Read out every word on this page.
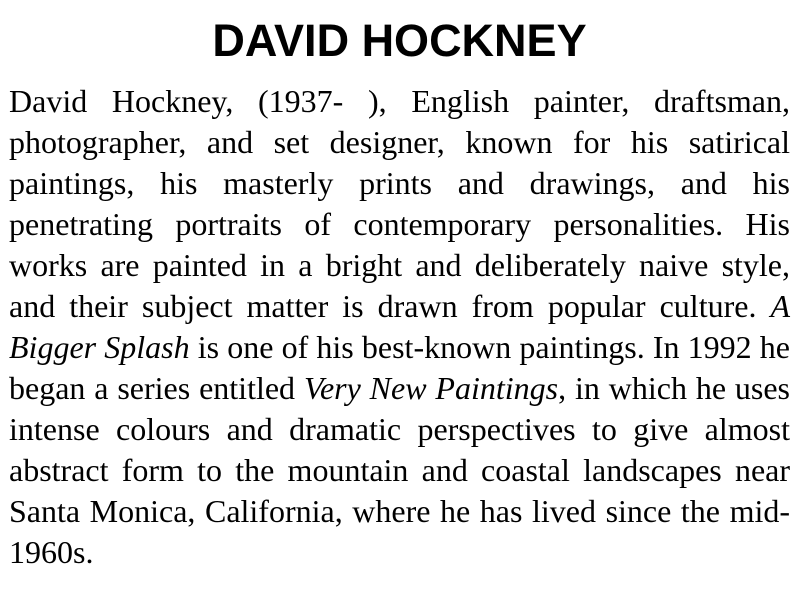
DAVID HOCKNEY

David Hockney, (1937- ), English painter, draftsman, photographer, and set designer, known for his satirical paintings, his masterly prints and drawings, and his penetrating portraits of contemporary personalities. His works are painted in a bright and deliberately naive style, and their subject matter is drawn from popular culture. A Bigger Splash is one of his best-known paintings. In 1992 he began a series entitled Very New Paintings, in which he uses intense colours and dramatic perspectives to give almost abstract form to the mountain and coastal landscapes near Santa Monica, California, where he has lived since the mid-1960s.
